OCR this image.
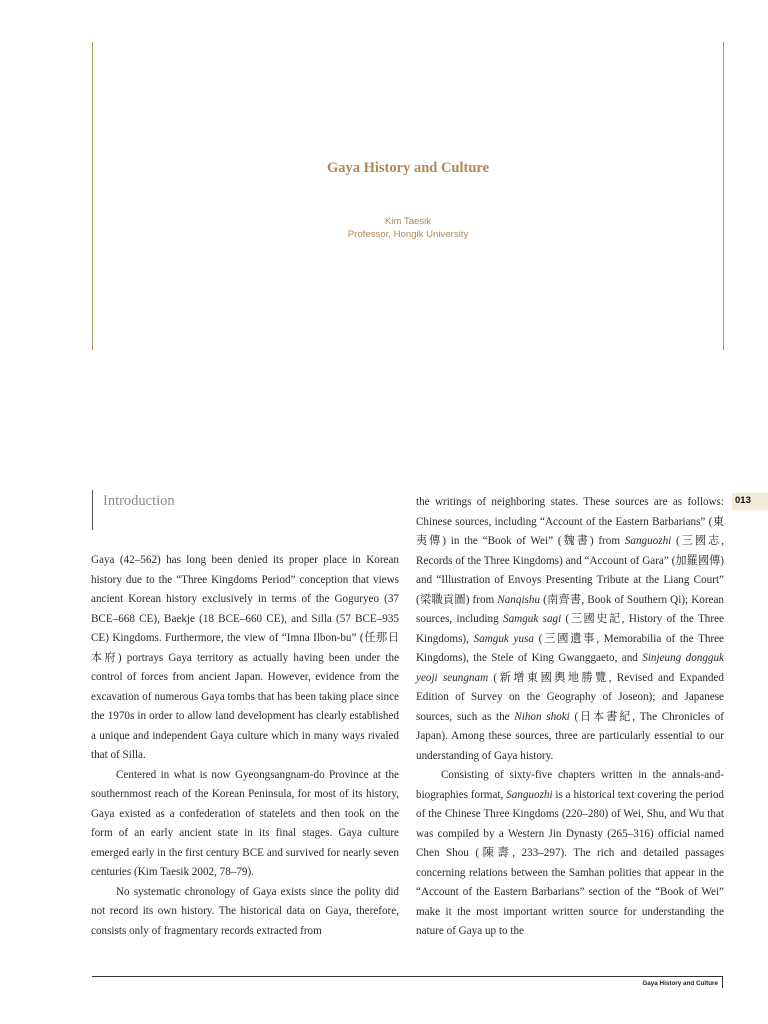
Gaya History and Culture
Kim Taesik
Professor, Hongik University
Introduction

Gaya (42–562) has long been denied its proper place in Korean history due to the “Three Kingdoms Period” conception that views ancient Korean history exclusively in terms of the Goguryeo (37 BCE–668 CE), Baekje (18 BCE–660 CE), and Silla (57 BCE–935 CE) Kingdoms. Furthermore, the view of “Imna Ilbon-bu” (任那日本府) portrays Gaya territory as actually having been under the control of forces from ancient Japan. However, evidence from the excavation of numerous Gaya tombs that has been taking place since the 1970s in order to allow land development has clearly established a unique and independent Gaya culture which in many ways rivaled that of Silla.

Centered in what is now Gyeongsangnam-do Province at the southernmost reach of the Korean Peninsula, for most of its history, Gaya existed as a confederation of statelets and then took on the form of an early ancient state in its final stages. Gaya culture emerged early in the first century BCE and survived for nearly seven centuries (Kim Taesik 2002, 78–79).

No systematic chronology of Gaya exists since the polity did not record its own history. The historical data on Gaya, therefore, consists only of fragmentary records extracted from

the writings of neighboring states. These sources are as follows: Chinese sources, including “Account of the Eastern Barbarians” (東夷傳) in the “Book of Wei” (魏書) from Sanguozhi (三國志, Records of the Three Kingdoms) and “Account of Gara” (加羅國傳) and “Illustration of Envoys Presenting Tribute at the Liang Court” (梁職貢圖) from Nanqishu (南齊書, Book of Southern Qi); Korean sources, including Samguk sagi (三國史記, History of the Three Kingdoms), Samguk yusa (三國遺事, Memorabilia of the Three Kingdoms), the Stele of King Gwanggaeto, and Sinjeung dongguk yeoji seungnam (新增東國輿地勝覽, Revised and Expanded Edition of Survey on the Geography of Joseon); and Japanese sources, such as the Nihon shoki (日本書紀, The Chronicles of Japan). Among these sources, three are particularly essential to our understanding of Gaya history.

Consisting of sixty-five chapters written in the annals-and-biographies format, Sanguozhi is a historical text covering the period of the Chinese Three Kingdoms (220–280) of Wei, Shu, and Wu that was compiled by a Western Jin Dynasty (265–316) official named Chen Shou (陳壽, 233–297). The rich and detailed passages concerning relations between the Samhan polities that appear in the “Account of the Eastern Barbarians” section of the “Book of Wei” make it the most important written source for understanding the nature of Gaya up to the

013
Gaya History and Culture
